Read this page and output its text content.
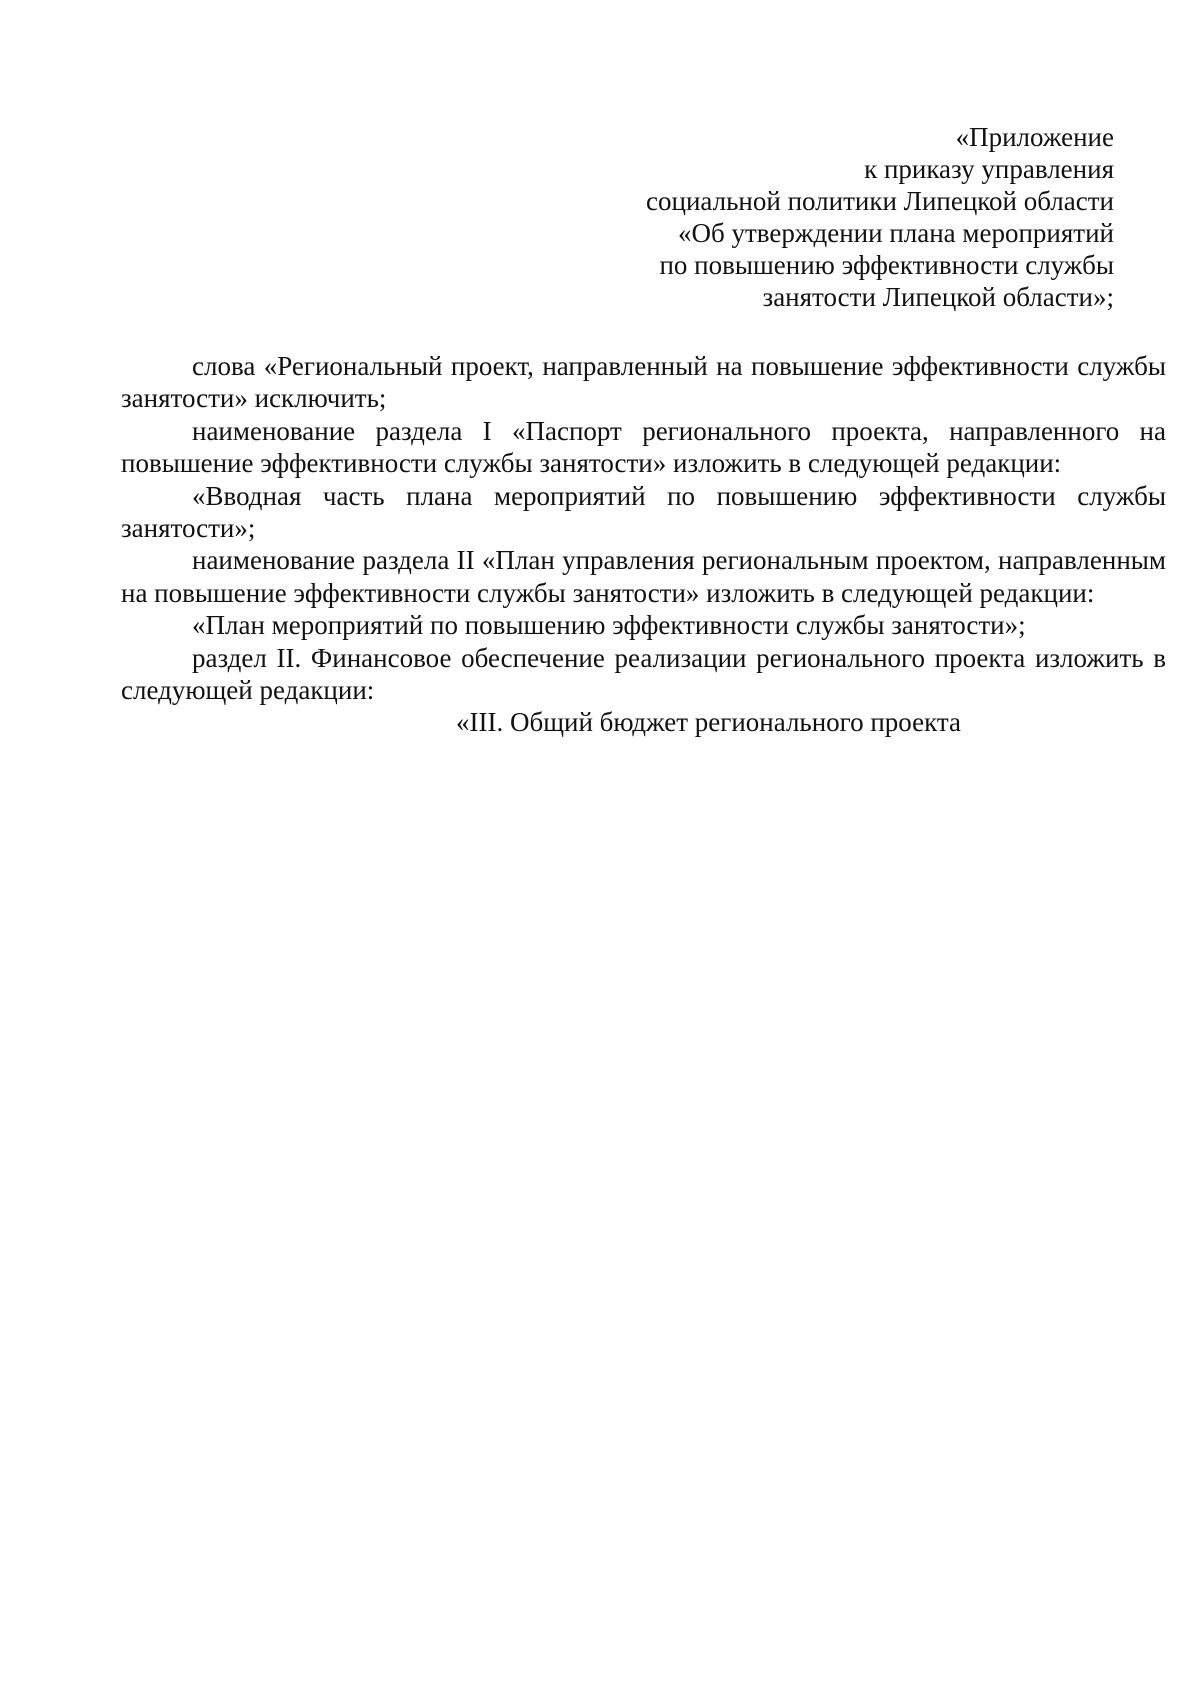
«Приложение
к приказу управления
социальной политики Липецкой области
«Об утверждении плана мероприятий
по повышению эффективности службы
занятости Липецкой области»;

слова «Региональный проект, направленный на повышение эффективности службы занятости» исключить;

наименование раздела I «Паспорт регионального проекта, направленного на повышение эффективности службы занятости» изложить в следующей редакции:

«Вводная часть плана мероприятий по повышению эффективности службы занятости»;

наименование раздела II «План управления региональным проектом, направленным на повышение эффективности службы занятости» изложить в следующей редакции:

«План мероприятий по повышению эффективности службы занятости»;

раздел II. Финансовое обеспечение реализации регионального проекта изложить в следующей редакции:

«III. Общий бюджет регионального проекта
